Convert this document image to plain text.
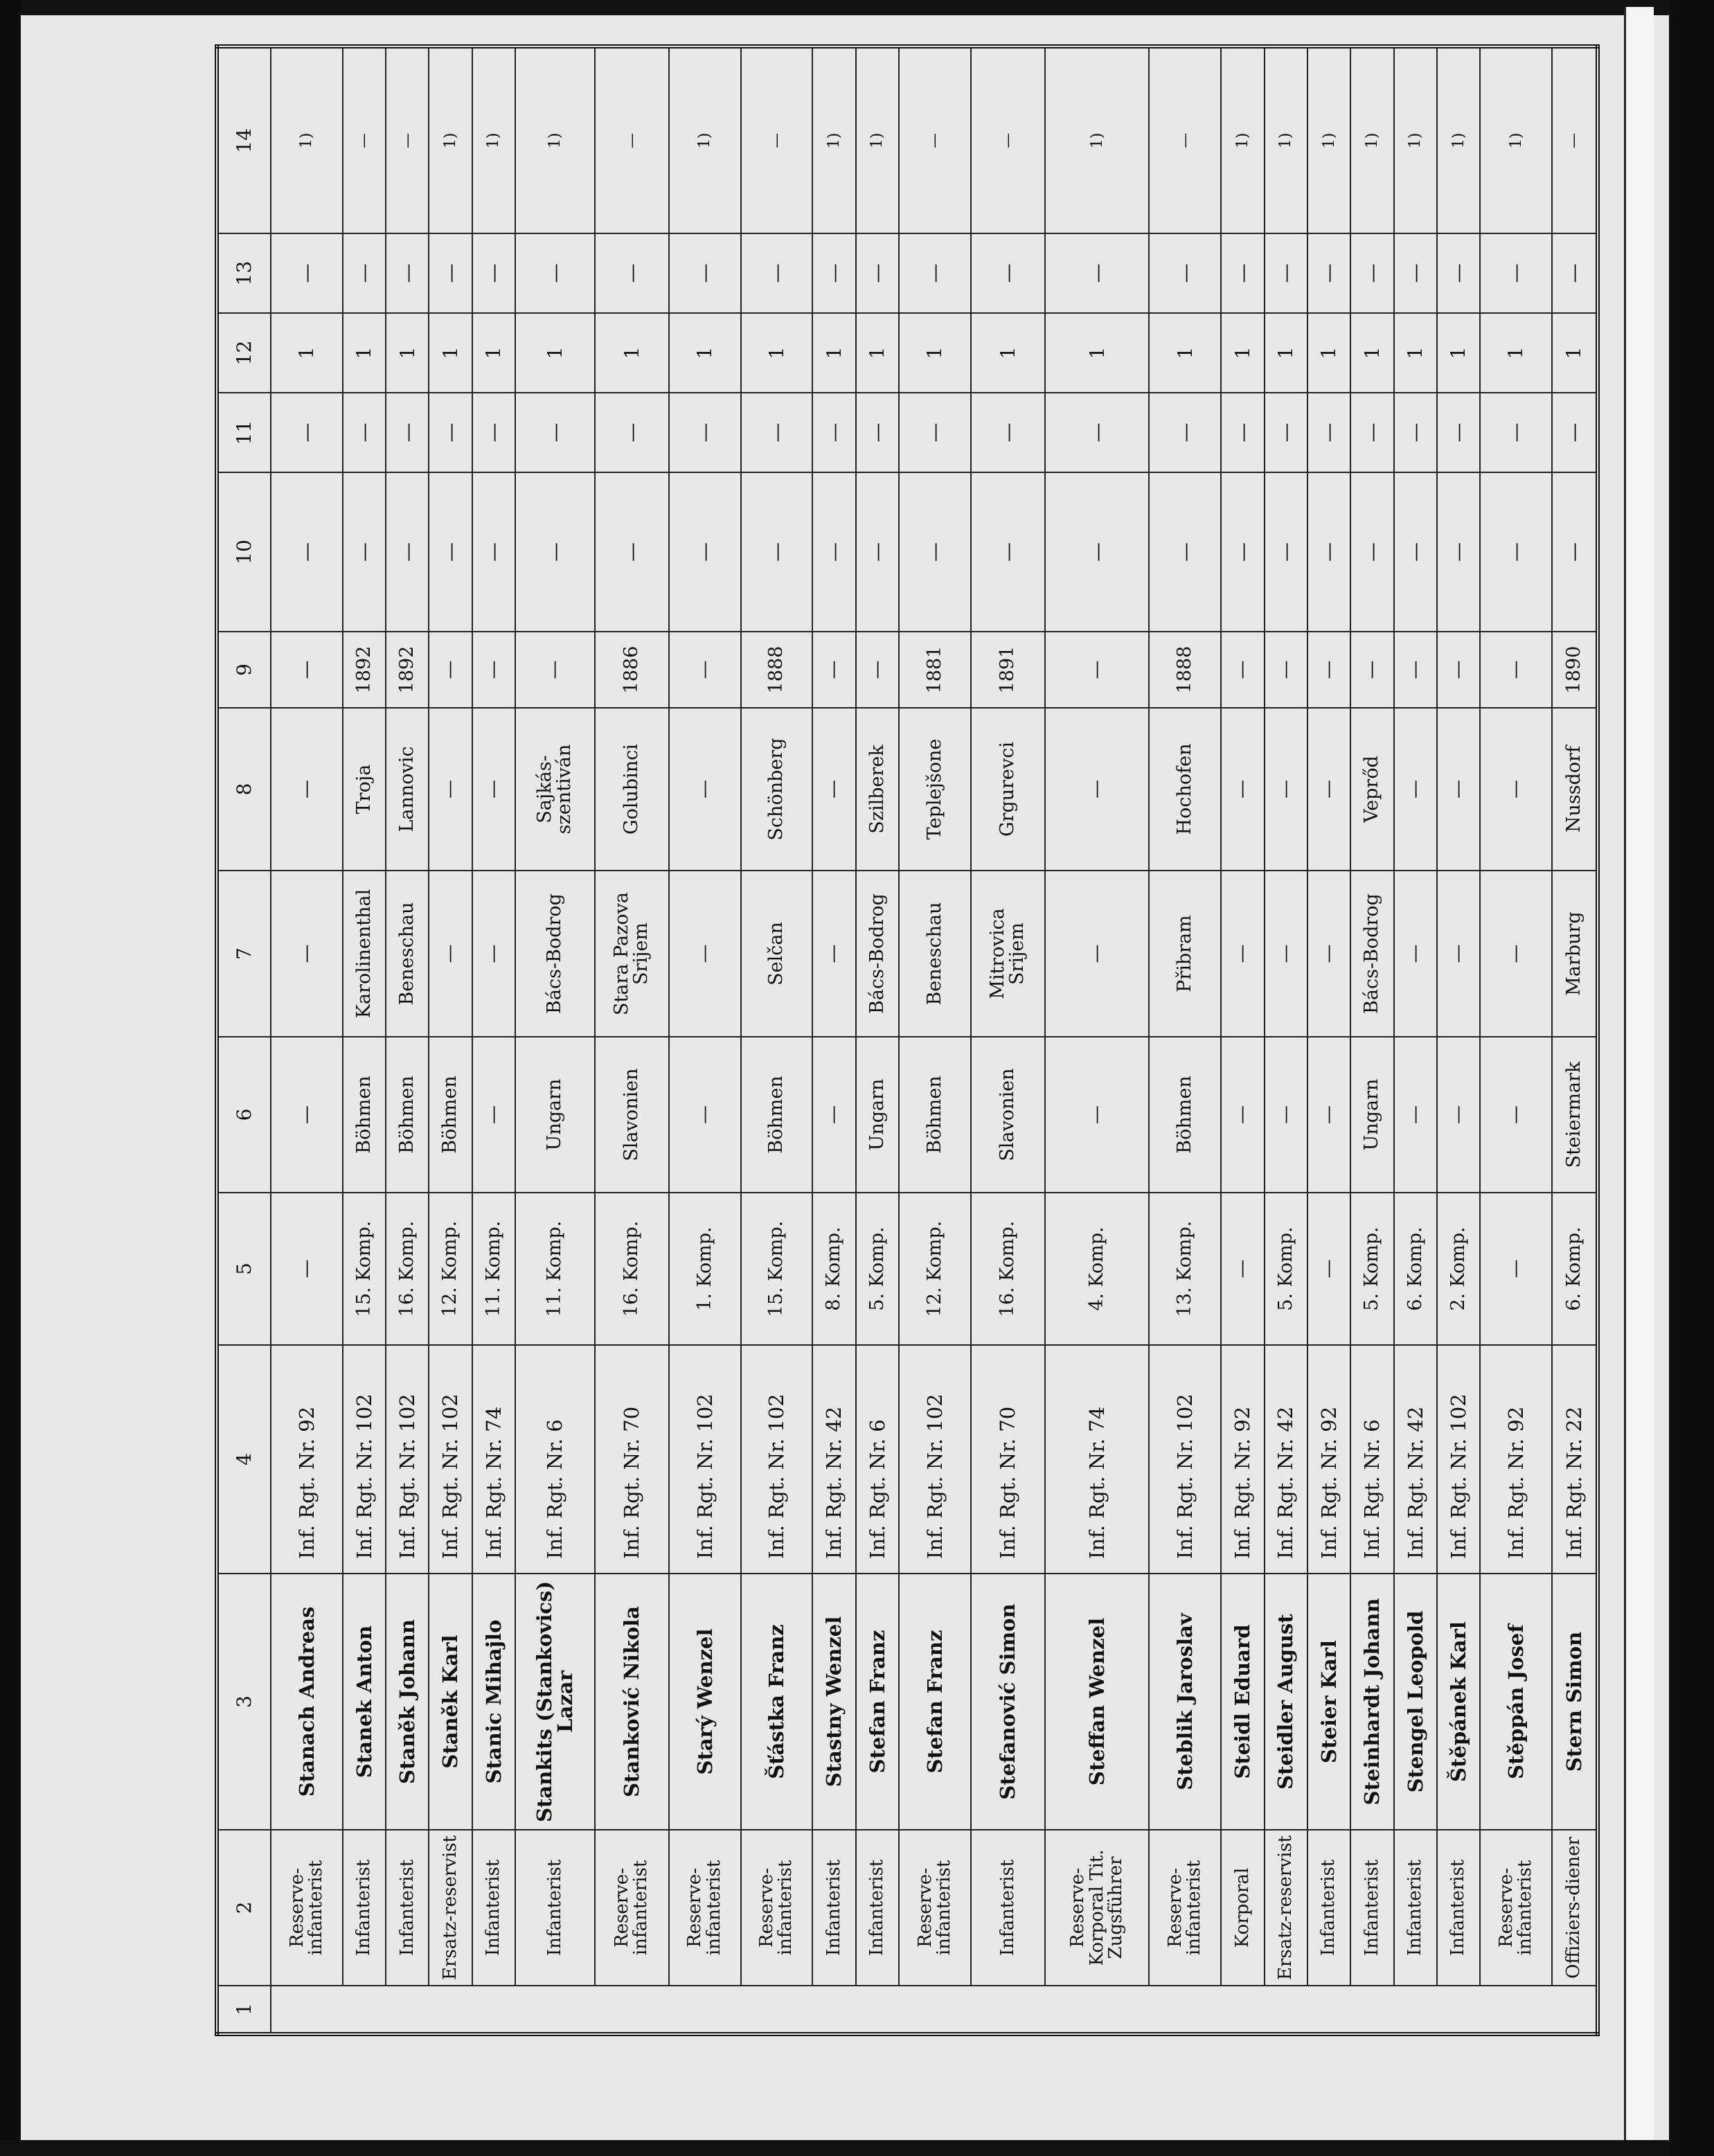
1	2	3	4	5	6	7	8	9	10	11	12	13	14
	Reserve-infanterist	Stanach Andreas	Inf. Rgt. Nr. 92	—	—	—	—	—	—	—	1	—	1)
	Infanterist	Stanek Anton	Inf. Rgt. Nr. 102	15. Komp.	Böhmen	Karolinenthal	Troja	1892	—	—	1	—	—
	Infanterist	Staněk Johann	Inf. Rgt. Nr. 102	16. Komp.	Böhmen	Beneschau	Lannovic	1892	—	—	1	—	—
	Ersatz-reservist	Staněk Karl	Inf. Rgt. Nr. 102	12. Komp.	Böhmen	—	—	—	—	—	1	—	1)
	Infanterist	Stanic Mihajlo	Inf. Rgt. Nr. 74	11. Komp.	—	—	—	—	—	—	1	—	1)
	Infanterist	Stankits (Stankovics) Lazar	Inf. Rgt. Nr. 6	11. Komp.	Ungarn	Bács-Bodrog	Sajkás-szentiván	—	—	—	1	—	1)
	Reserve-infanterist	Stanković Nikola	Inf. Rgt. Nr. 70	16. Komp.	Slavonien	Stara Pazova Srijem	Golubinci	1886	—	—	1	—	—
	Reserve-infanterist	Starý Wenzel	Inf. Rgt. Nr. 102	1. Komp.	—	—	—	—	—	—	1	—	1)
	Reserve-infanterist	Šťástka Franz	Inf. Rgt. Nr. 102	15. Komp.	Böhmen	Selčan	Schönberg	1888	—	—	1	—	—
	Infanterist	Stastny Wenzel	Inf. Rgt. Nr. 42	8. Komp.	—	—	—	—	—	—	1	—	1)
	Infanterist	Stefan Franz	Inf. Rgt. Nr. 6	5. Komp.	Ungarn	Bács-Bodrog	Szilberek	—	—	—	1	—	1)
	Reserve-infanterist	Stefan Franz	Inf. Rgt. Nr. 102	12. Komp.	Böhmen	Beneschau	Teplejšone	1881	—	—	1	—	—
	Infanterist	Stefanović Simon	Inf. Rgt. Nr. 70	16. Komp.	Slavonien	Mitrovica Srijem	Grgurevci	1891	—	—	1	—	—
	Reserve-Korporal Tit. Zugsführer	Steffan Wenzel	Inf. Rgt. Nr. 74	4. Komp.	—	—	—	—	—	—	1	—	1)
	Reserve-infanterist	Steblik Jaroslav	Inf. Rgt. Nr. 102	13. Komp.	Böhmen	Přibram	Hochofen	1888	—	—	1	—	—
	Korporal	Steidl Eduard	Inf. Rgt. Nr. 92	—	—	—	—	—	—	—	1	—	1)
	Ersatz-reservist	Steidler August	Inf. Rgt. Nr. 42	5. Komp.	—	—	—	—	—	—	1	—	1)
	Infanterist	Steier Karl	Inf. Rgt. Nr. 92	—	—	—	—	—	—	—	1	—	1)
	Infanterist	Steinhardt Johann	Inf. Rgt. Nr. 6	5. Komp.	Ungarn	Bács-Bodrog	Veprőd	—	—	—	1	—	1)
	Infanterist	Stengel Leopold	Inf. Rgt. Nr. 42	6. Komp.	—	—	—	—	—	—	1	—	1)
	Infanterist	Štěpánek Karl	Inf. Rgt. Nr. 102	2. Komp.	—	—	—	—	—	—	1	—	1)
	Reserve-infanterist	Stěppán Josef	Inf. Rgt. Nr. 92	—	—	—	—	—	—	—	1	—	1)
	Offiziers-diener	Stern Simon	Inf. Rgt. Nr. 22	6. Komp.	Steiermark	Marburg	Nussdorf	1890	—	—	1	—	—
